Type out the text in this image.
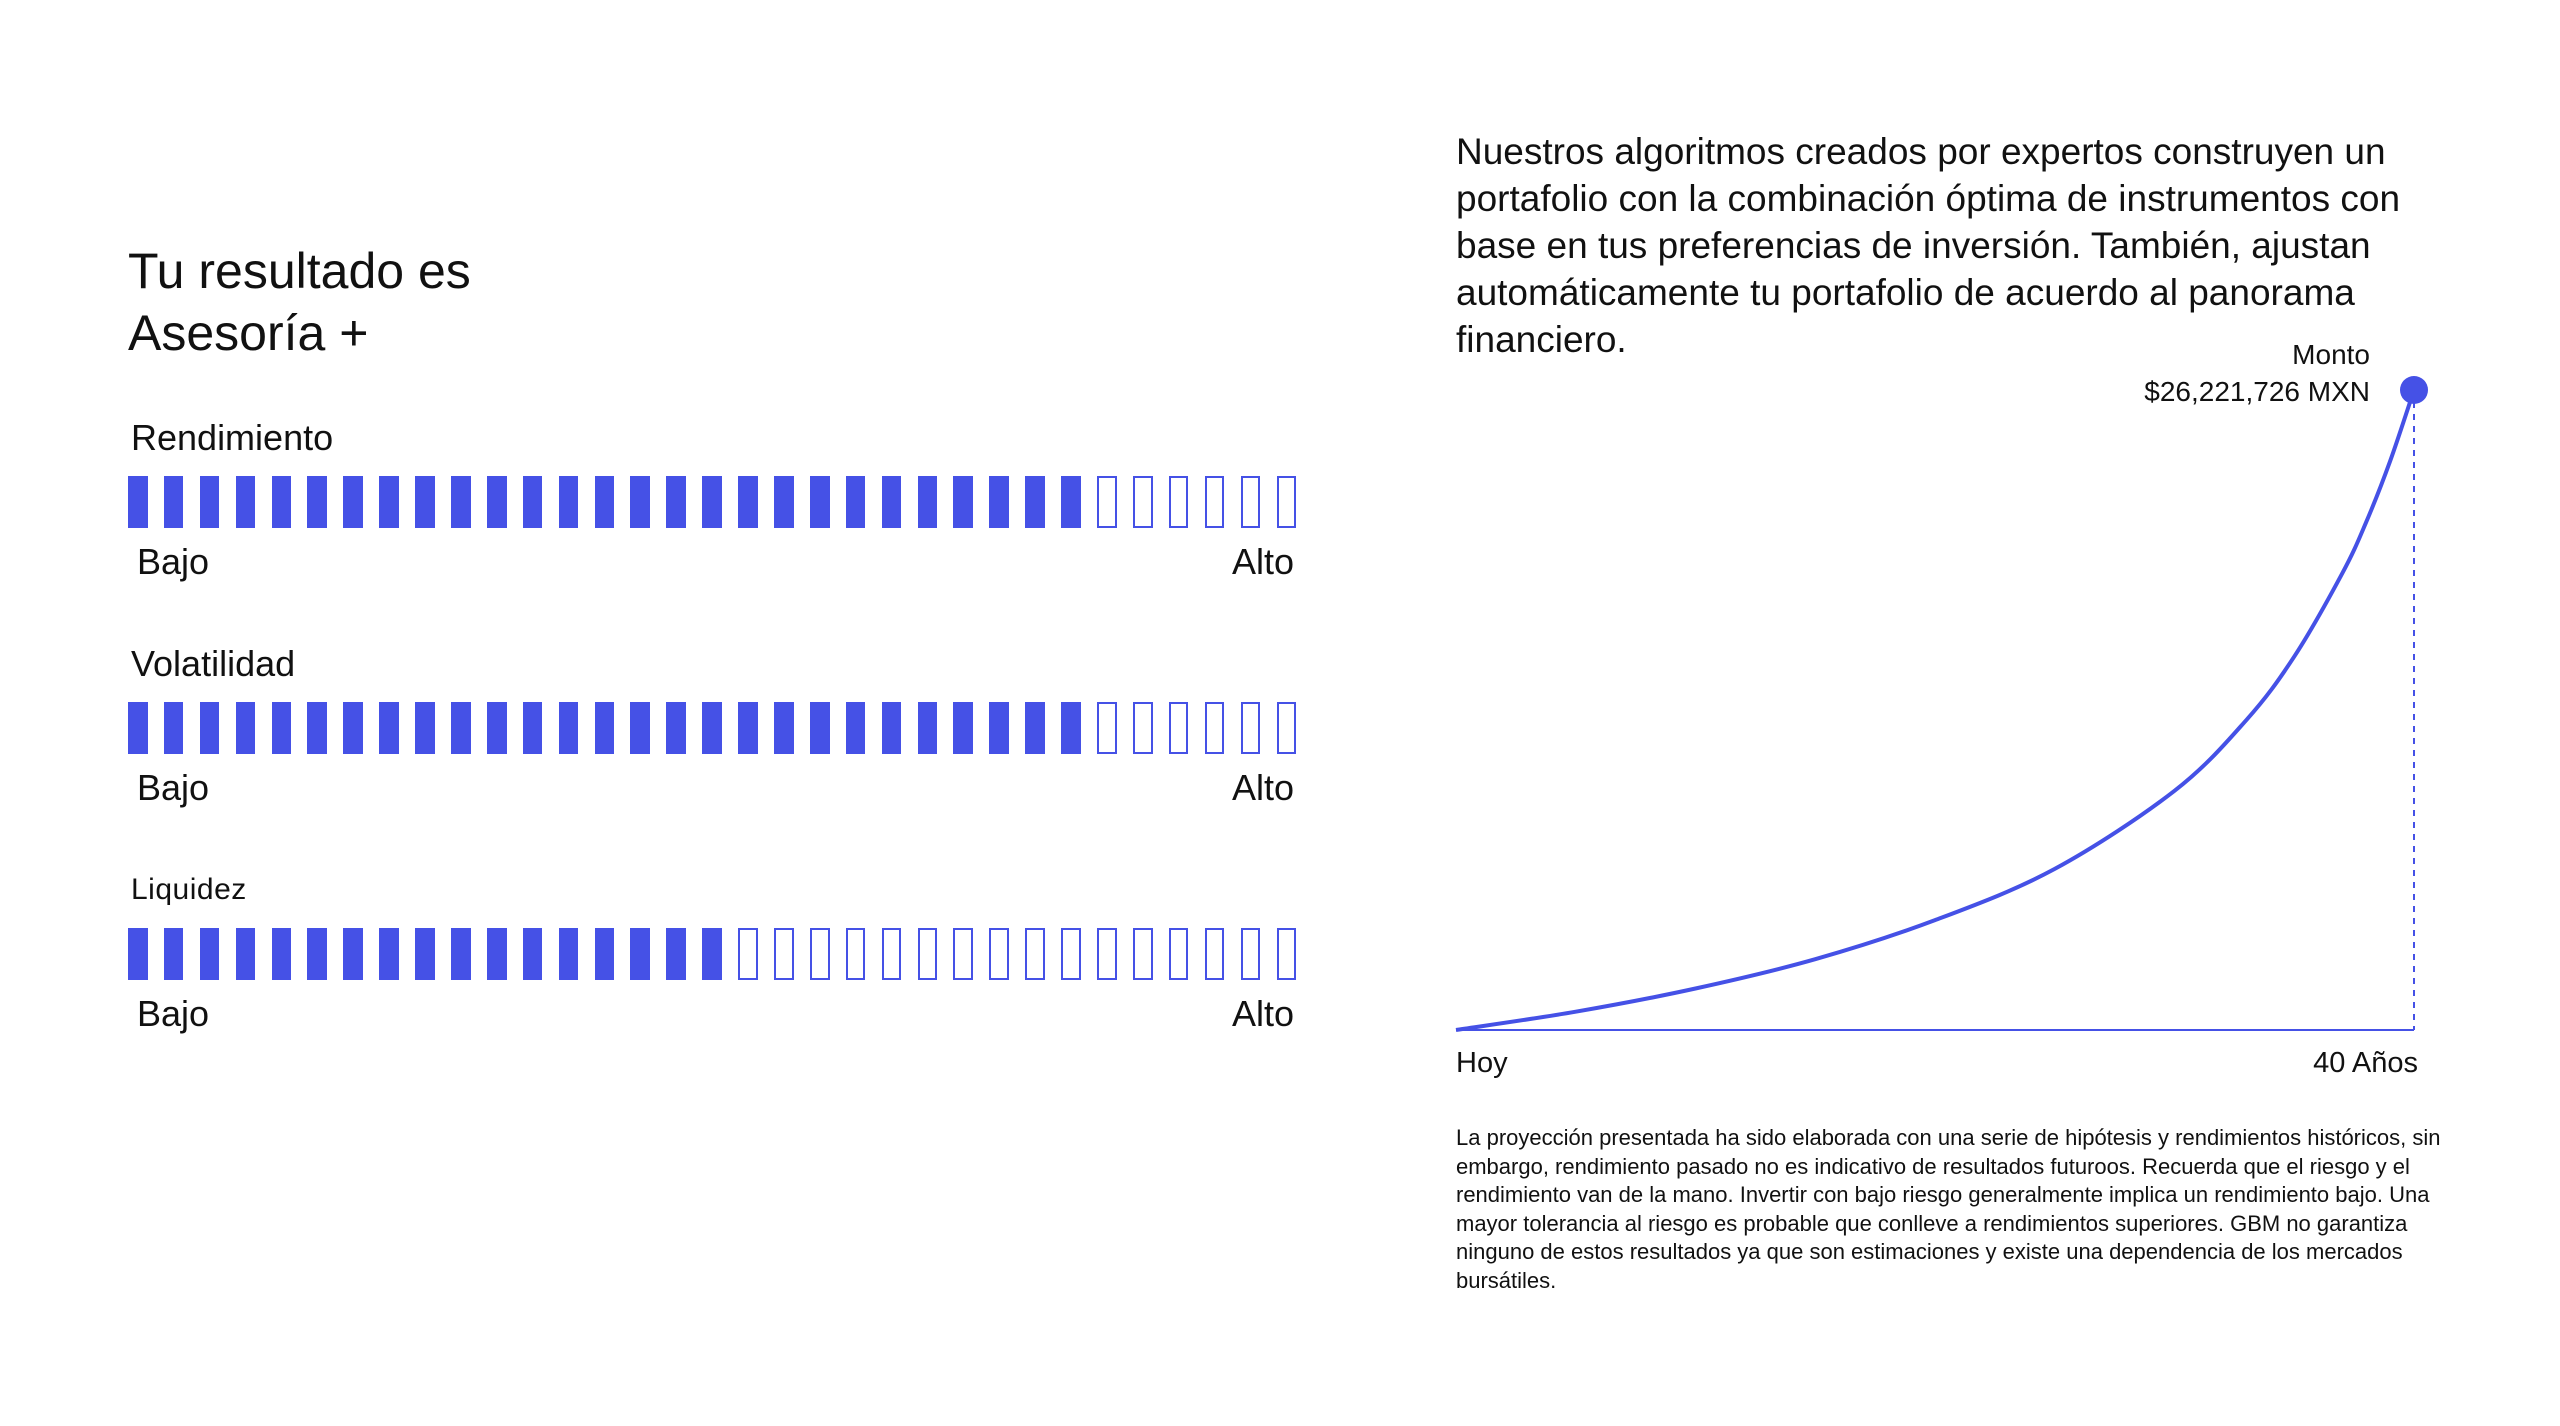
Tu resultado es
Asesoría +
Rendimiento
Bajo	Alto
Volatilidad
Bajo	Alto
Liquidez
Bajo	Alto

Nuestros algoritmos creados por expertos construyen un portafolio con la combinación óptima de instrumentos con base en tus preferencias de inversión. También, ajustan automáticamente tu portafolio de acuerdo al panorama financiero.	Monto
$26,221,726 MXN
Hoy	40 Años

La proyección presentada ha sido elaborada con una serie de hipótesis y rendimientos históricos, sin embargo, rendimiento pasado no es indicativo de resultados futuroos. Recuerda que el riesgo y el rendimiento van de la mano. Invertir con bajo riesgo generalmente implica un rendimiento bajo. Una mayor tolerancia al riesgo es probable que conlleve a rendimientos superiores. GBM no garantiza ninguno de estos resultados ya que son estimaciones y existe una dependencia de los mercados bursátiles.
